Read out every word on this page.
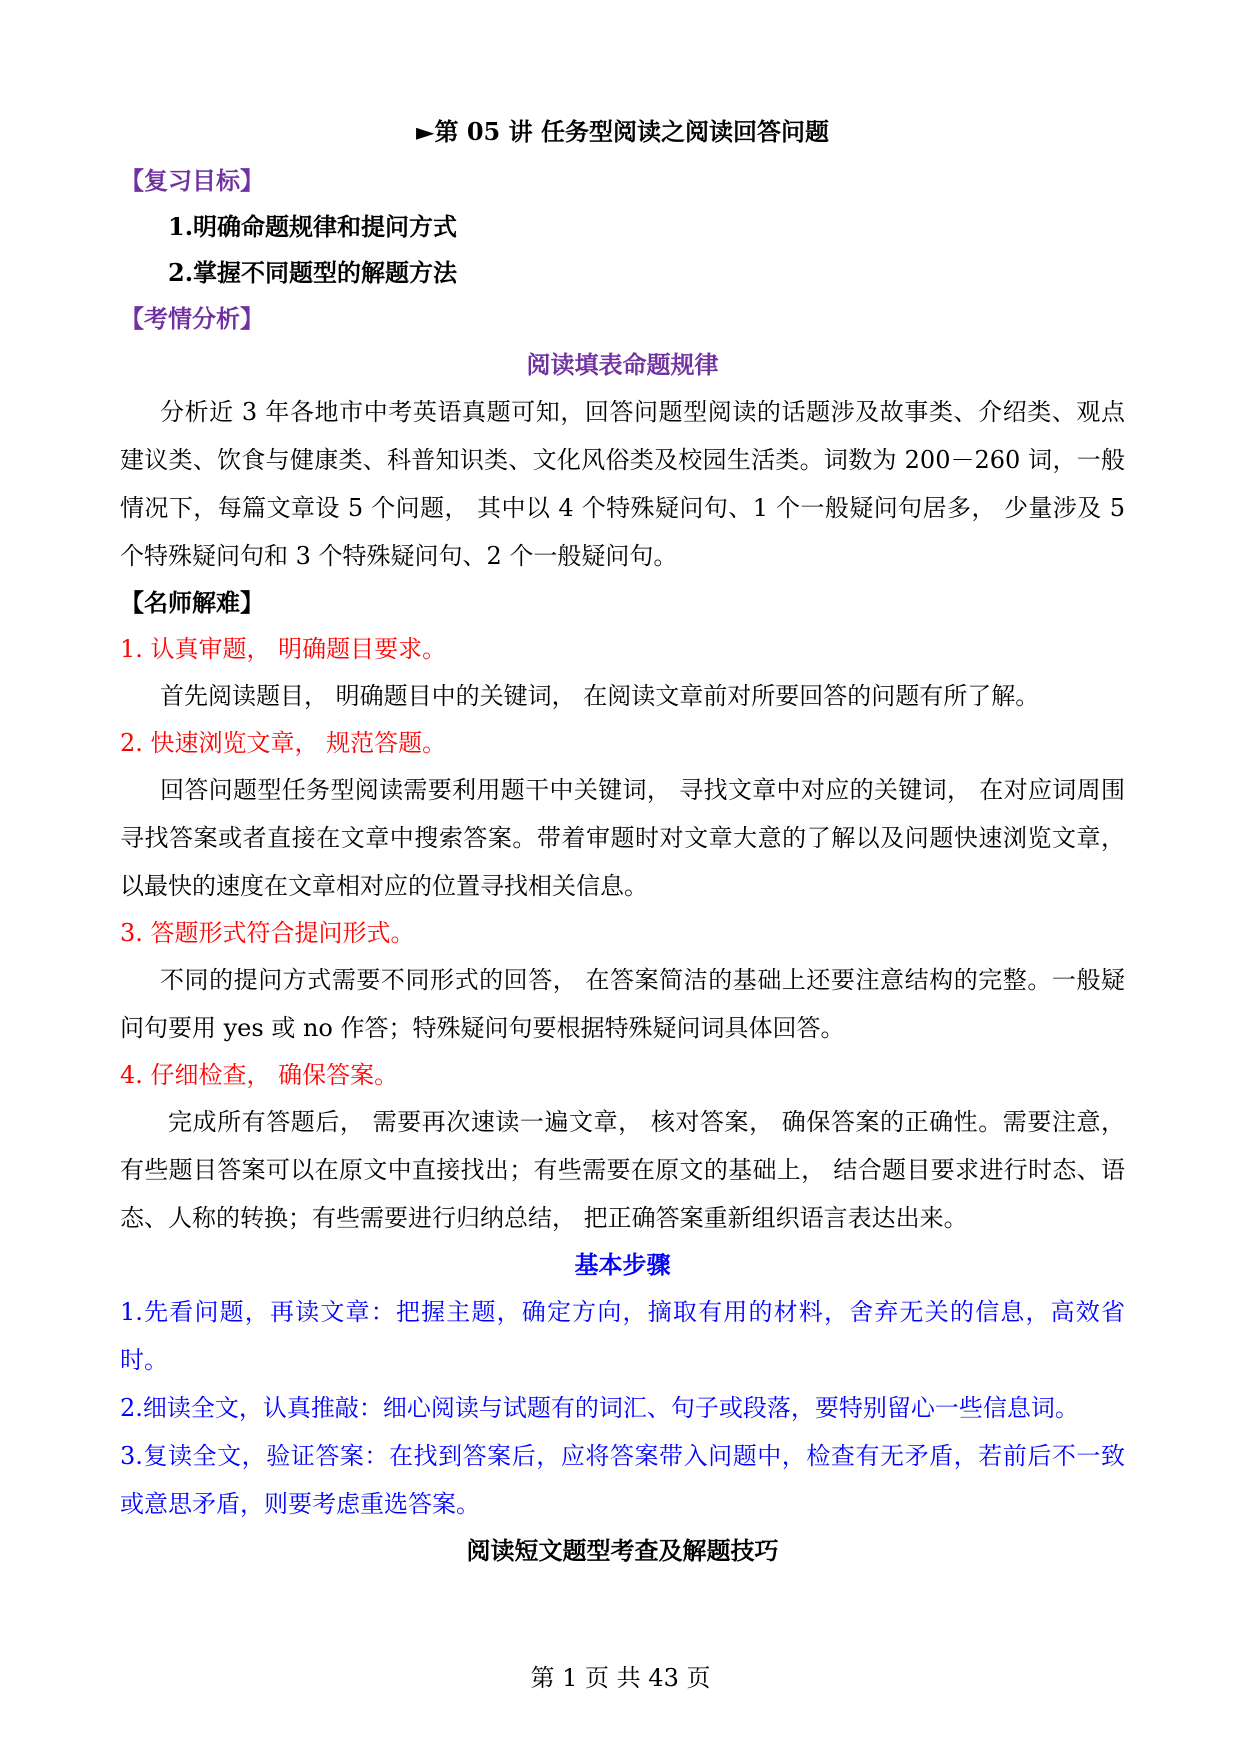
►第 05 讲 任务型阅读之阅读回答问题
【复习目标】
1.明确命题规律和提问方式
2.掌握不同题型的解题方法
【考情分析】
阅读填表命题规律

分析近 3 年各地市中考英语真题可知，回答问题型阅读的话题涉及故事类、介绍类、观点建议类、饮食与健康类、科普知识类、文化风俗类及校园生活类。词数为 200－260 词，一般情况下，每篇文章设 5 个问题， 其中以 4 个特殊疑问句、1 个一般疑问句居多， 少量涉及 5 个特殊疑问句和 3 个特殊疑问句、2 个一般疑问句。

【名师解难】
1. 认真审题， 明确题目要求。

首先阅读题目， 明确题目中的关键词， 在阅读文章前对所要回答的问题有所了解。

2. 快速浏览文章， 规范答题。

回答问题型任务型阅读需要利用题干中关键词， 寻找文章中对应的关键词， 在对应词周围寻找答案或者直接在文章中搜索答案。带着审题时对文章大意的了解以及问题快速浏览文章， 以最快的速度在文章相对应的位置寻找相关信息。

3. 答题形式符合提问形式。

不同的提问方式需要不同形式的回答， 在答案简洁的基础上还要注意结构的完整。一般疑问句要用 yes 或 no 作答；特殊疑问句要根据特殊疑问词具体回答。

4. 仔细检查， 确保答案。

完成所有答题后， 需要再次速读一遍文章， 核对答案， 确保答案的正确性。需要注意， 有些题目答案可以在原文中直接找出；有些需要在原文的基础上， 结合题目要求进行时态、语态、人称的转换；有些需要进行归纳总结， 把正确答案重新组织语言表达出来。

基本步骤

1.先看问题，再读文章：把握主题，确定方向，摘取有用的材料，舍弃无关的信息，高效省时。

2.细读全文，认真推敲：细心阅读与试题有的词汇、句子或段落，要特别留心一些信息词。

3.复读全文，验证答案：在找到答案后，应将答案带入问题中，检查有无矛盾，若前后不一致或意思矛盾，则要考虑重选答案。

阅读短文题型考查及解题技巧
第 1 页 共 43 页
